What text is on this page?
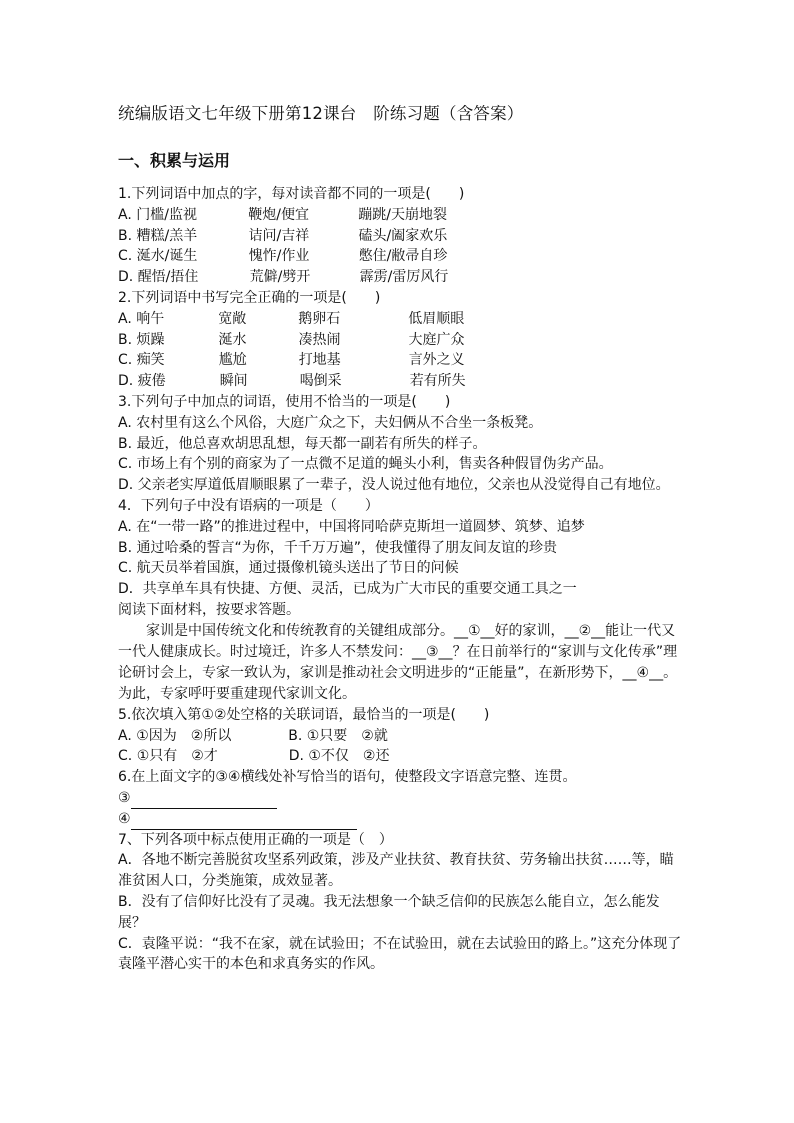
统编版语文七年级下册第12课台　阶练习题（含答案）
一、积累与运用
1.下列词语中加点的字，每对读音都不同的一项是(　　)
A. 门槛/监视	鞭炮/便宜	蹦跳/天崩地裂
B. 糟糕/羔羊	诘问/吉祥	磕头/阖家欢乐
C. 涎水/诞生	愧怍/作业	憋住/敝帚自珍
D. 醒悟/捂住	荒僻/劈开	霹雳/雷厉风行
2.下列词语中书写完全正确的一项是(　　)
A. 响午	宽敞	鹅卵石	低眉顺眼
B. 烦躁	涎水	凑热闹	大庭广众
C. 痴笑	尴尬	打地基	言外之义
D. 疲倦	瞬间	喝倒采	若有所失
3.下列句子中加点的词语，使用不恰当的一项是(　　)
A. 农村里有这么个风俗，大庭广众之下，夫妇俩从不合坐一条板凳。
B. 最近，他总喜欢胡思乱想，每天都一副若有所失的样子。
C. 市场上有个别的商家为了一点微不足道的蝇头小利，售卖各种假冒伪劣产品。
D. 父亲老实厚道低眉顺眼累了一辈子，没人说过他有地位，父亲也从没觉得自己有地位。
4．下列句子中没有语病的一项是（　　）
A. 在“一带一路”的推进过程中，中国将同哈萨克斯坦一道圆梦、筑梦、追梦
B. 通过哈桑的誓言“为你，千千万万遍”，使我懂得了朋友间友谊的珍贵
C. 航天员举着国旗，通过摄像机镜头送出了节日的问候
D．共享单车具有快捷、方便、灵活，已成为广大市民的重要交通工具之一
阅读下面材料，按要求答题。
家训是中国传统文化和传统教育的关键组成部分。__①__好的家训，__②__能让一代又一代人健康成长。时过境迁，许多人不禁发问：__③__？在日前举行的“家训与文化传承”理论研讨会上，专家一致认为，家训是推动社会文明进步的“正能量”，在新形势下，__④__。为此，专家呼吁要重建现代家训文化。
5.依次填入第①②处空格的关联词语，最恰当的一项是(　　)
A. ①因为　②所以	B. ①只要　②就
C. ①只有　②才	D. ①不仅　②还
6.在上面文字的③④横线处补写恰当的语句，使整段文字语意完整、连贯。
③
④
7、下列各项中标点使用正确的一项是（　）
A．各地不断完善脱贫攻坚系列政策，涉及产业扶贫、教育扶贫、劳务输出扶贫……等，瞄准贫困人口，分类施策，成效显著。
B．没有了信仰好比没有了灵魂。我无法想象一个缺乏信仰的民族怎么能自立，怎么能发展？
C．袁隆平说：“我不在家，就在试验田；不在试验田，就在去试验田的路上。”这充分体现了袁隆平潜心实干的本色和求真务实的作风。
